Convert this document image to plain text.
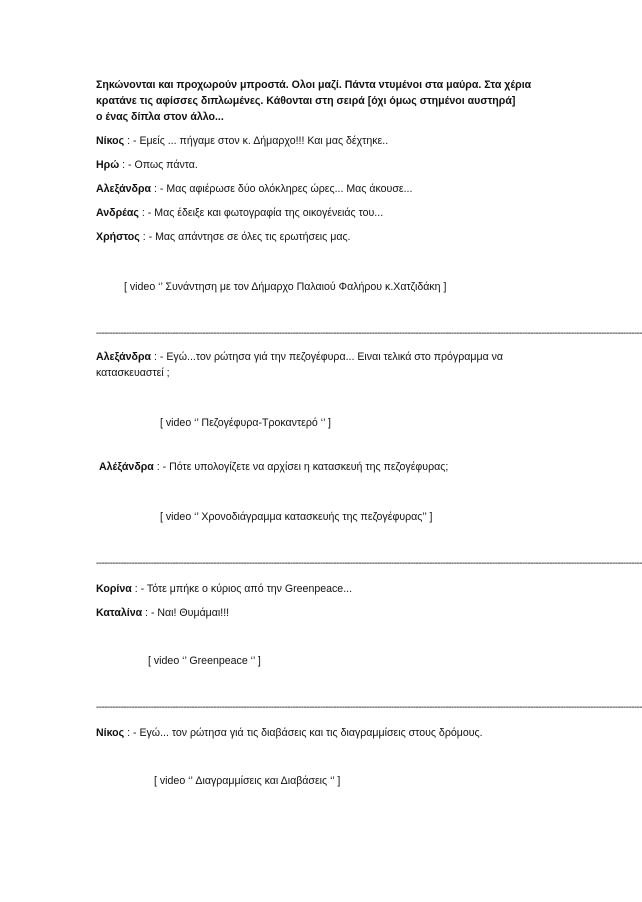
Σηκώνονται και προχωρούν μπροστά. Ολοι μαζί. Πάντα ντυμένοι στα μαύρα. Στα χέρια
κρατάνε τις αφίσσες διπλωμένες. Κάθονται στη σειρά [όχι όμως στημένοι αυστηρά]
ο ένας δίπλα στον άλλο...
Νίκος : - Εμείς ... πήγαμε στον κ. Δήμαρχο!!! Και μας δέχτηκε..
Ηρώ : - Οπως πάντα.
Αλεξάνδρα : - Μας αφιέρωσε δύο ολόκληρες ώρες... Μας άκουσε...
Ανδρέας : - Μας έδειξε και φωτογραφία της οικογένειάς του...
Χρήστος : - Μας απάντησε σε όλες τις ερωτήσεις μας.
[ video ‘’ Συνάντηση με τον Δήμαρχο Παλαιού Φαλήρου κ.Χατζιδάκη ]
--------------------------------------------------------------------------------------------------------------------------------------------------------------------------------------------------------
Αλεξάνδρα : - Εγώ...τον ρώτησα γιά την πεζογέφυρα... Ειναι τελικά στο πρόγραμμα να
κατασκευαστεί ;
[ video ‘’ Πεζογέφυρα-Τροκαντερό ‘’ ]
Αλέξάνδρα : - Πότε υπολογίζετε να αρχίσει η κατασκευή της πεζογέφυρας;
[ video ‘’ Χρονοδιάγραμμα κατασκευής της πεζογέφυρας’’ ]
--------------------------------------------------------------------------------------------------------------------------------------------------------------------------------------------------------
Κορίνα : - Τότε μπήκε ο κύριος από την Greenpeace...
Καταλίνα : - Ναι! Θυμάμαι!!!
[ video ‘’ Greenpeace ‘’ ]
--------------------------------------------------------------------------------------------------------------------------------------------------------------------------------------------------------
Νίκος : - Εγώ... τον ρώτησα γιά τις διαβάσεις και τις διαγραμμίσεις στους δρόμους.
[ video ‘’ Διαγραμμίσεις και Διαβάσεις ‘’ ]
